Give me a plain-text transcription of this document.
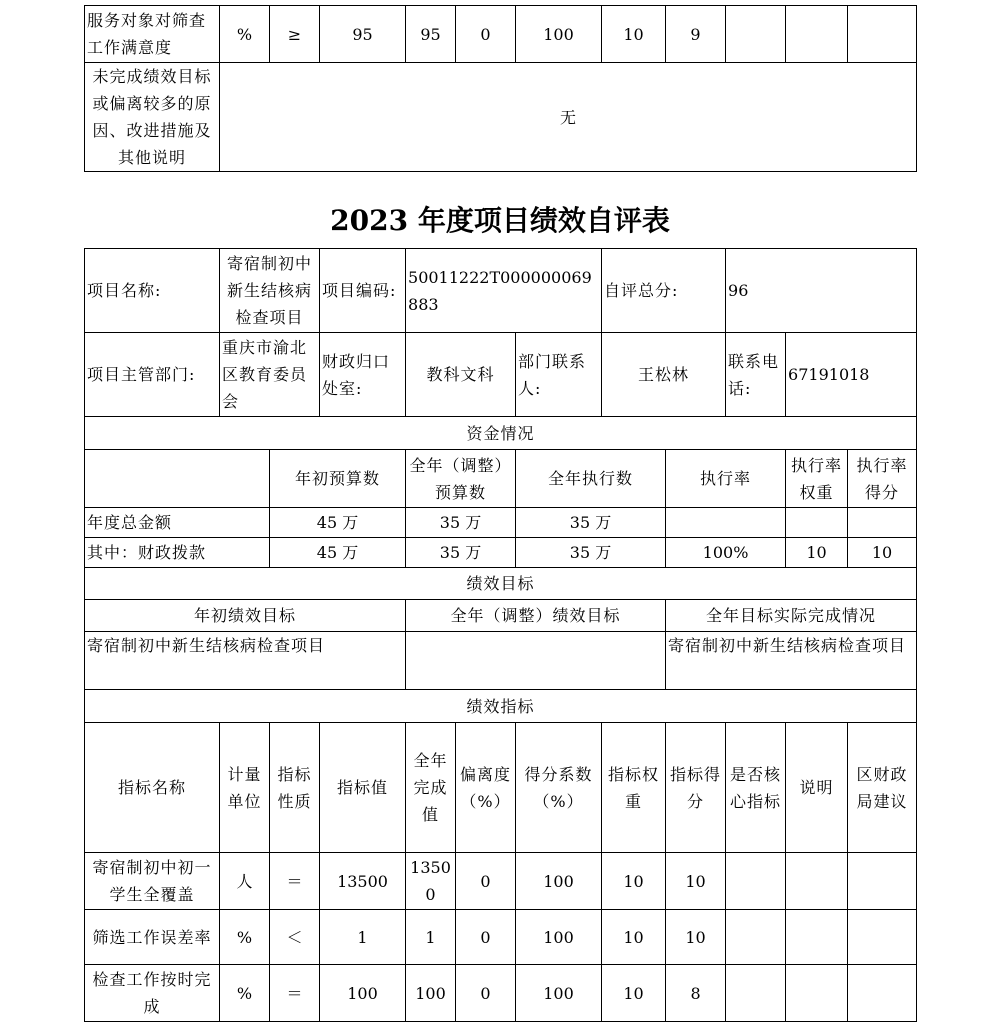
服务对象对筛查工作满意度	%	≥	95	95	0	100	10	9			
未完成绩效目标或偏离较多的原因、改进措施及其他说明	无										
2023 年度项目绩效自评表
项目名称:	寄宿制初中新生结核病检查项目		项目编码:	50011222T000000069883			自评总分:		96		
项目主管部门:	重庆市渝北区教育委员会		财政归口处室:	教科文科		部门联系人:	王松林		联系电话:	67191018	
资金情况											
		年初预算数		全年（调整）预算数		全年执行数		执行率		执行率权重	执行率得分
年度总金额		45 万		35 万		35 万					
其中：财政拨款		45 万		35 万		35 万		100%		10	10
绩效目标											
年初绩效目标				全年（调整）绩效目标				全年目标实际完成情况			
寄宿制初中新生结核病检查项目								寄宿制初中新生结核病检查项目			
绩效指标											
指标名称	计量单位	指标性质	指标值	全年完成值	偏离度（%）	得分系数（%）	指标权重	指标得分	是否核心指标	说明	区财政局建议
寄宿制初中初一学生全覆盖	人	＝	13500	13500	0	100	10	10			
筛选工作误差率	%	＜	1	1	0	100	10	10			
检查工作按时完成	%	＝	100	100	0	100	10	8			
